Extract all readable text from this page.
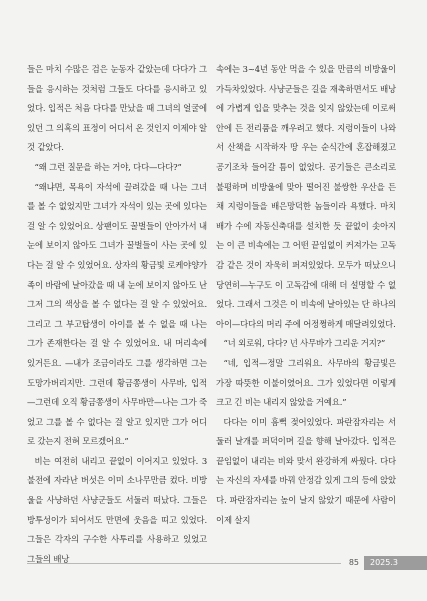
들은 마치 수많은 검은 눈동자 같았는데 다다가 그들을 응시하는 것처럼 그들도 다다를 응시하고 있었다. 입적은 처음 다다를 만났을 때 그녀의 얼굴에 있던 그 의혹의 표정이 어디서 온 것인지 이제야 알 것 같았다.

“왜 그런 질문을 하는 거야, 다다—다다?”

“왜냐면, 목욕이 자석에 끌려갔을 때 나는 그녀를 볼 수 없었지만 그녀가 자석이 있는 곳에 있다는 걸 알 수 있었어요. 상팬이도 꿀벌들이 안아가서 내 눈에 보이지 않아도 그녀가 꿀벌들이 사는 곳에 있다는 걸 알 수 있었어요. 상자의 황금빛 로케야양가족이 바람에 날아갔을 때 내 눈에 보이지 않아도 난 그저 그의 색상을 볼 수 없다는 걸 알 수 있었어요. 그리고 그 부고탑생이 아이를 볼 수 없을 때 나는 그가 존재한다는 걸 알 수 있었어요. 내 머리속에 있거든요. —내가 조금이라도 그를 생각하면 그는 도망가버리지만. 그런데 황금쫑생이 사무바, 입적—그런데 오직 황금쫑생이 사무바만—나는 그가 죽었고 그를 볼 수 없다는 걸 알고 있지만 그가 어디로 갔는지 전혀 모르겠어요.”

비는 여전히 내리고 끝없이 이어지고 있었다. 3불전에 자라난 버섯은 이미 소나무만큼 컸다. 비방울을 사냥하던 사냥군들도 서둘러 떠났다. 그들은 방투성이가 되어서도 만면에 웃음을 띠고 있었다. 그들은 각자의 구수한 사투리를 사용하고 있었고 그들의 배낭

속에는 3~4년 동안 먹을 수 있을 만큼의 비방울이 가득차있었다. 사냥군들은 길을 재촉하면서도 배낭에 가볍게 입을 맞추는 것을 잊지 않았는데 이로써 안에 든 전리품을 깨우려고 했다. 지렁이들이 나와서 산책을 시작하자 땅 우는 순식간에 혼잡해졌고 공기조차 들어갈 틈이 없었다. 공기들은 큰소리로 불평하며 비방울에 맞아 떨어진 불쌍한 우산을 든 채 지렁이들을 배은망덕한 놈들이라 욕했다. 마치 배가 수에 자동신축대를 설치한 듯 끝없이 솟아지는 이 큰 비속에는 그 어떤 끝임없이 커져가는 고독감 같은 것이 자욱히 퍼져있었다. 모두가 떠났으니 당연히—누구도 이 고독감에 대해 더 설명할 수 없었다. 그래서 그것은 이 비속에 날아있는 단 하나의 아이—다다의 머리 주에 어정쩡하게 매달려있었다.

“너 외로워, 다다? 넌 사무바가 그리운 거지?”

“네, 입적—정말 그리워요. 사무바의 황금빛은 가장 따뜻한 이불이였어요. 그가 있었다면 이렇게 크고 긴 비는 내리지 않았을 거예요.”

다다는 이미 흠뻑 젖어있었다. 파란잠자리는 서둘러 날개를 퍼덕이며 길을 향해 날아갔다. 입적은 끝임없이 내리는 비와 맞서 완강하게 싸웠다. 다다는 자신의 자세를 바꿔 안정감 있게 그의 등에 앉았다. 파란잠자리는 높이 날지 않았기 때문에 사람이 이제 살지

85	2025.3
